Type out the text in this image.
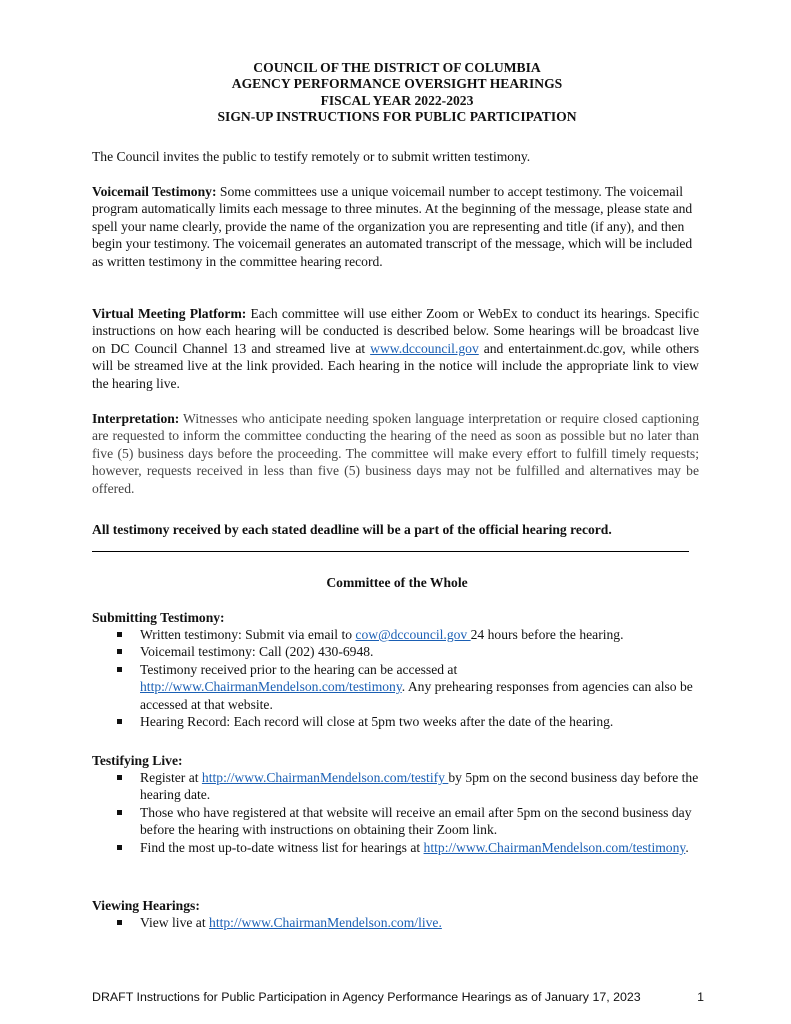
COUNCIL OF THE DISTRICT OF COLUMBIA
AGENCY PERFORMANCE OVERSIGHT HEARINGS
FISCAL YEAR 2022-2023
SIGN-UP INSTRUCTIONS FOR PUBLIC PARTICIPATION
The Council invites the public to testify remotely or to submit written testimony.
Voicemail Testimony: Some committees use a unique voicemail number to accept testimony. The voicemail program automatically limits each message to three minutes. At the beginning of the message, please state and spell your name clearly, provide the name of the organization you are representing and title (if any), and then begin your testimony. The voicemail generates an automated transcript of the message, which will be included as written testimony in the committee hearing record.
Virtual Meeting Platform: Each committee will use either Zoom or WebEx to conduct its hearings. Specific instructions on how each hearing will be conducted is described below. Some hearings will be broadcast live on DC Council Channel 13 and streamed live at www.dccouncil.gov and entertainment.dc.gov, while others will be streamed live at the link provided. Each hearing in the notice will include the appropriate link to view the hearing live.
Interpretation: Witnesses who anticipate needing spoken language interpretation or require closed captioning are requested to inform the committee conducting the hearing of the need as soon as possible but no later than five (5) business days before the proceeding. The committee will make every effort to fulfill timely requests; however, requests received in less than five (5) business days may not be fulfilled and alternatives may be offered.
All testimony received by each stated deadline will be a part of the official hearing record.
Committee of the Whole
Submitting Testimony:
Written testimony: Submit via email to cow@dccouncil.gov 24 hours before the hearing.
Voicemail testimony: Call (202) 430-6948.
Testimony received prior to the hearing can be accessed at http://www.ChairmanMendelson.com/testimony. Any prehearing responses from agencies can also be accessed at that website.
Hearing Record: Each record will close at 5pm two weeks after the date of the hearing.
Testifying Live:
Register at http://www.ChairmanMendelson.com/testify by 5pm on the second business day before the hearing date.
Those who have registered at that website will receive an email after 5pm on the second business day before the hearing with instructions on obtaining their Zoom link.
Find the most up-to-date witness list for hearings at http://www.ChairmanMendelson.com/testimony.
Viewing Hearings:
View live at http://www.ChairmanMendelson.com/live.
DRAFT Instructions for Public Participation in Agency Performance Hearings as of January 17, 2023	1
